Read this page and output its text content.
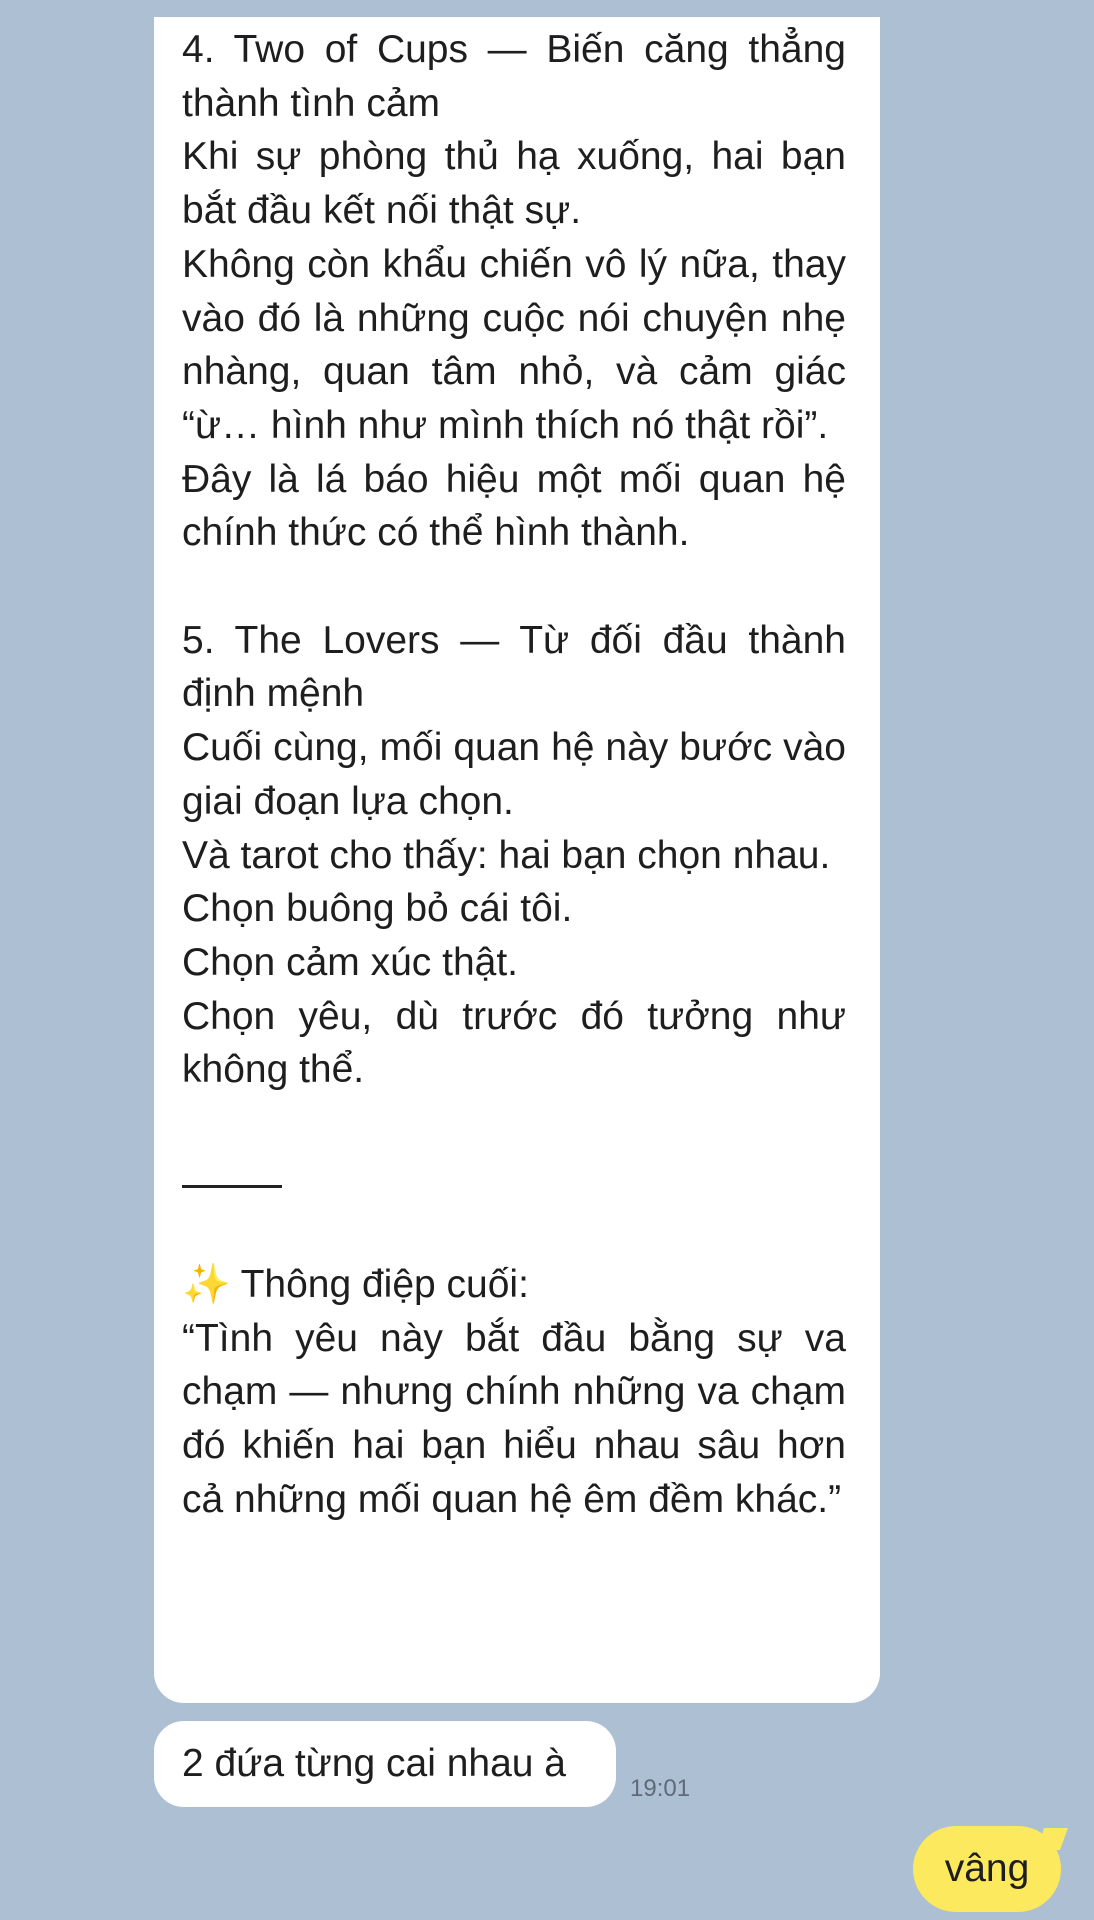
4. Two of Cups — Biến căng thẳng thành tình cảm

Khi sự phòng thủ hạ xuống, hai bạn bắt đầu kết nối thật sự.

Không còn khẩu chiến vô lý nữa, thay vào đó là những cuộc nói chuyện nhẹ nhàng, quan tâm nhỏ, và cảm giác “ừ… hình như mình thích nó thật rồi”.

Đây là lá báo hiệu một mối quan hệ chính thức có thể hình thành.

5. The Lovers — Từ đối đầu thành định mệnh

Cuối cùng, mối quan hệ này bước vào giai đoạn lựa chọn.

Và tarot cho thấy: hai bạn chọn nhau.

Chọn buông bỏ cái tôi.

Chọn cảm xúc thật.

Chọn yêu, dù trước đó tưởng như không thể.

✨ Thông điệp cuối:

“Tình yêu này bắt đầu bằng sự va chạm — nhưng chính những va chạm đó khiến hai bạn hiểu nhau sâu hơn cả những mối quan hệ êm đềm khác.”

2 đứa từng cai nhau à
19:01
vâng
